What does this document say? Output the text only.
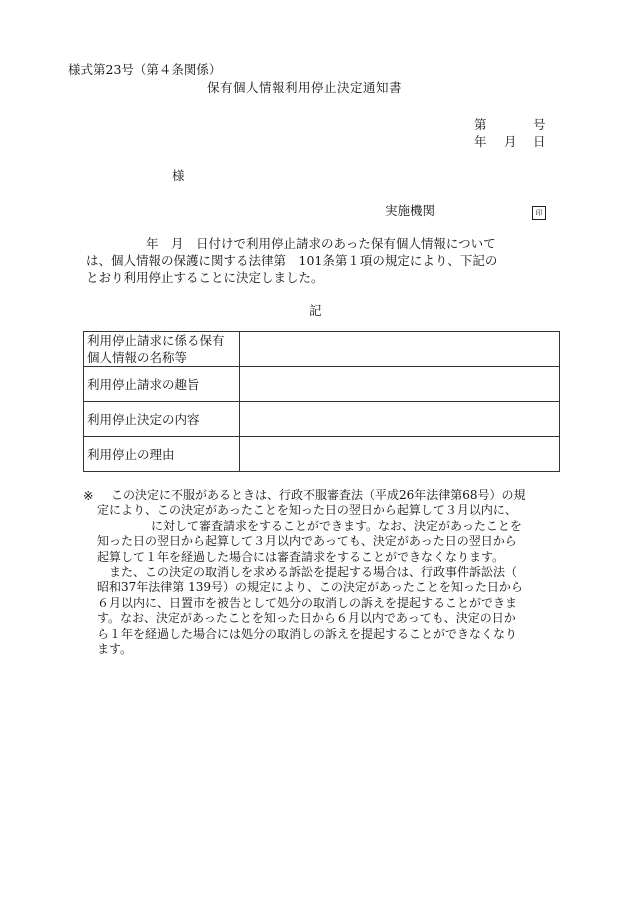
様式第23号（第４条関係）
保有個人情報利用停止決定通知書
第	号
年 月 日
様
実施機関	印
年　月　日付けで利用停止請求のあった保有個人情報について
は、個人情報の保護に関する法律第　101条第１項の規定により、下記の
とおり利用停止することに決定しました。
記
利用停止請求に係る保有個人情報の名称等	
利用停止請求の趣旨	
利用停止決定の内容	
利用停止の理由	
※	この決定に不服があるときは、行政不服審査法（平成26年法律第68号）の規
定により、この決定があったことを知った日の翌日から起算して３月以内に、
に対して審査請求をすることができます。なお、決定があったことを
知った日の翌日から起算して３月以内であっても、決定があった日の翌日から
起算して１年を経過した場合には審査請求をすることができなくなります。
また、この決定の取消しを求める訴訟を提起する場合は、行政事件訴訟法（
昭和37年法律第 139号）の規定により、この決定があったことを知った日から
６月以内に、日置市を被告として処分の取消しの訴えを提起することができま
す。なお、決定があったことを知った日から６月以内であっても、決定の日か
ら１年を経過した場合には処分の取消しの訴えを提起することができなくなり
ます。
